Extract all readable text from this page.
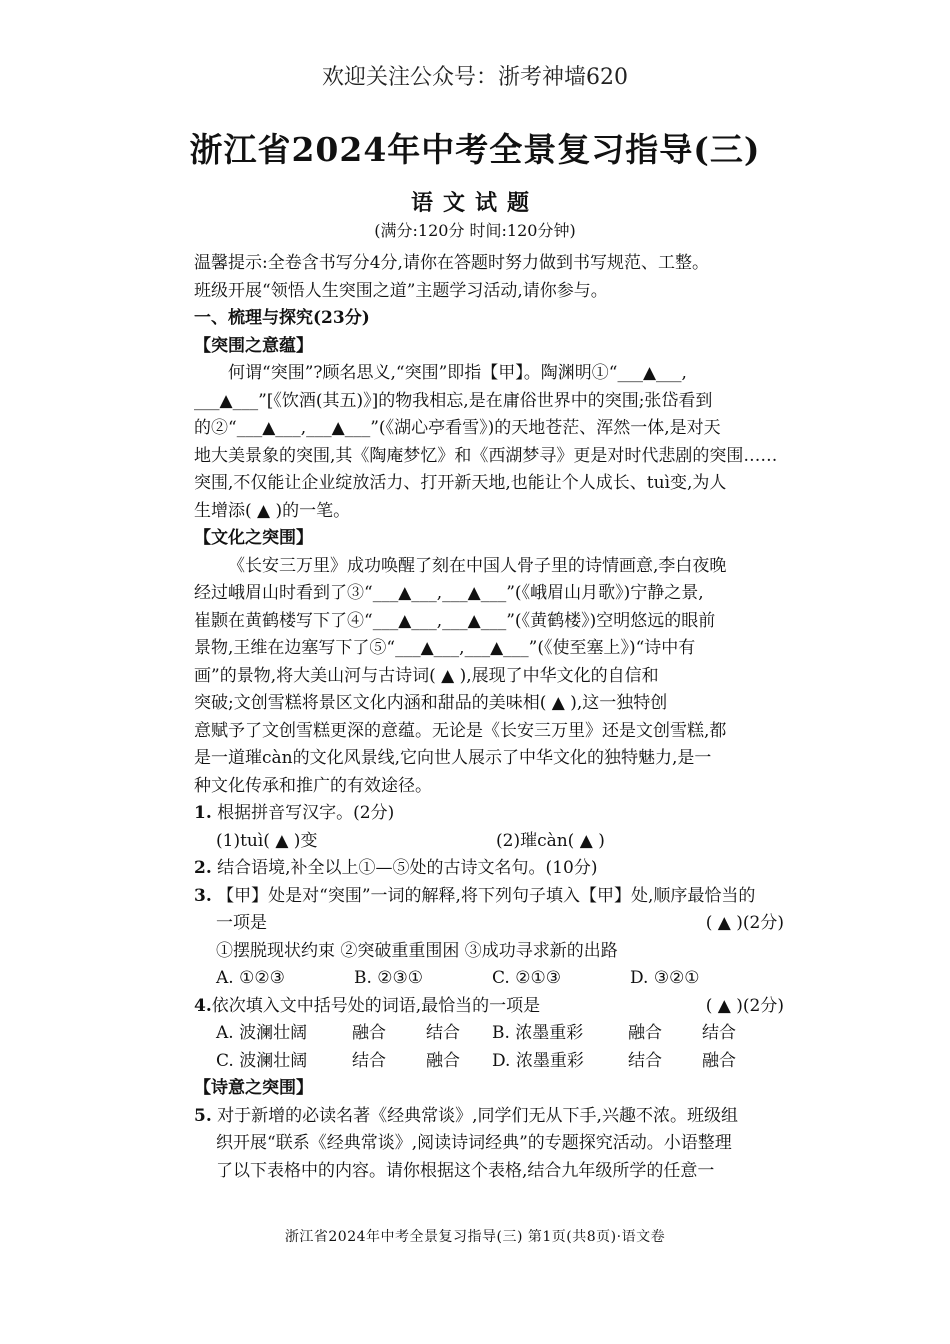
欢迎关注公众号：浙考神墙620
浙江省2024年中考全景复习指导(三)
语文试题
(满分:120分 时间:120分钟)
温馨提示:全卷含书写分4分,请你在答题时努力做到书写规范、工整。
班级开展“领悟人生突围之道”主题学习活动,请你参与。
一、梳理与探究(23分)
【突围之意蕴】
何谓“突围”?顾名思义,“突围”即指【甲】。陶渊明①“___▲___,
___▲___”[《饮酒(其五)》]的物我相忘,是在庸俗世界中的突围;张岱看到
的②“___▲___,___▲___”(《湖心亭看雪》)的天地苍茫、浑然一体,是对天
地大美景象的突围,其《陶庵梦忆》和《西湖梦寻》更是对时代悲剧的突围……
突围,不仅能让企业绽放活力、打开新天地,也能让个人成长、tuì变,为人
生增添( ▲ )的一笔。
【文化之突围】
《长安三万里》成功唤醒了刻在中国人骨子里的诗情画意,李白夜晚
经过峨眉山时看到了③“___▲___,___▲___”(《峨眉山月歌》)宁静之景,
崔颢在黄鹤楼写下了④“___▲___,___▲___”(《黄鹤楼》)空明悠远的眼前
景物,王维在边塞写下了⑤“___▲___,___▲___”(《使至塞上》)“诗中有
画”的景物,将大美山河与古诗词( ▲ ),展现了中华文化的自信和
突破;文创雪糕将景区文化内涵和甜品的美味相( ▲ ),这一独特创
意赋予了文创雪糕更深的意蕴。无论是《长安三万里》还是文创雪糕,都
是一道璀càn的文化风景线,它向世人展示了中华文化的独特魅力,是一
种文化传承和推广的有效途径。
1. 根据拼音写汉字。(2分)
(1)tuì( ▲ )变	(2)璀càn( ▲ )
2. 结合语境,补全以上①—⑤处的古诗文名句。(10分)
3. 【甲】处是对“突围”一词的解释,将下列句子填入【甲】处,顺序最恰当的
一项是	( ▲ )(2分)
①摆脱现状约束 ②突破重重围困 ③成功寻求新的出路
A. ①②③	B. ②③①	C. ②①③	D. ③②①
4. 依次填入文中括号处的词语,最恰当的一项是	( ▲ )(2分)
A. 波澜壮阔	融合	结合	B. 浓墨重彩	融合	结合
C. 波澜壮阔	结合	融合	D. 浓墨重彩	结合	融合
【诗意之突围】
5. 对于新增的必读名著《经典常谈》,同学们无从下手,兴趣不浓。班级组
织开展“联系《经典常谈》,阅读诗词经典”的专题探究活动。小语整理
了以下表格中的内容。请你根据这个表格,结合九年级所学的任意一
浙江省2024年中考全景复习指导(三) 第1页(共8页)·语文卷
